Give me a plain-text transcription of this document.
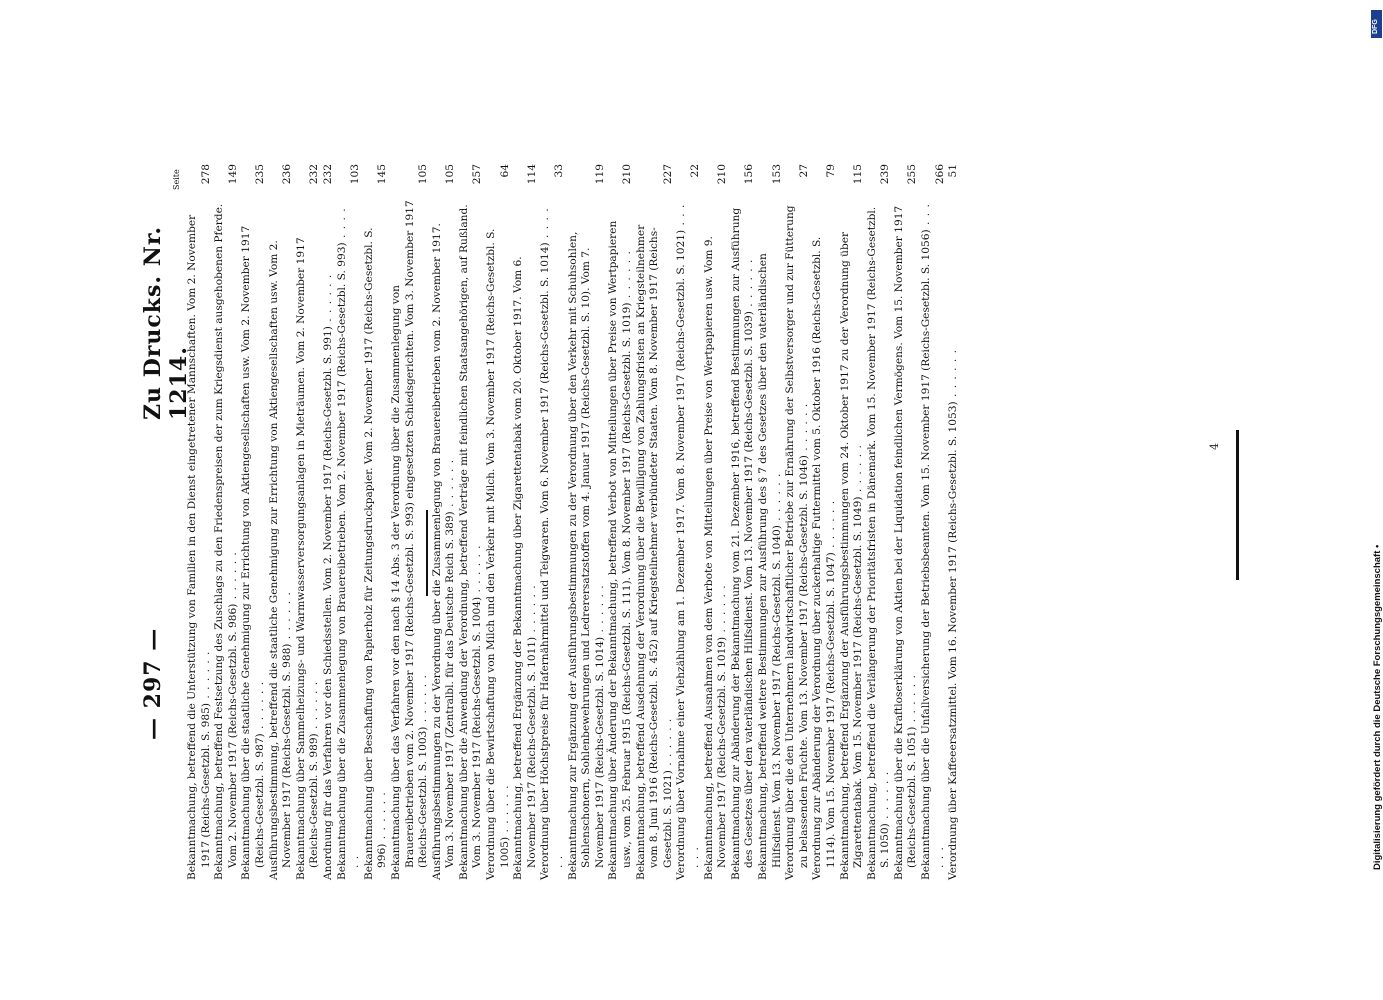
— 297 —
Zu Drucks. Nr. 1214.
Seite
Bekanntmachung, betreffend die Unterstützung von Familien in den Dienst eingetretener Mannschaften. Vom 2. November 1917 (Reichs-Gesetzbl. S. 985) . . . . . .
278
Bekanntmachung, betreffend Festsetzung des Zuschlags zu den Friedenspreisen der zum Kriegsdienst ausgehobenen Pferde. Vom 2. November 1917 (Reichs-Gesetzbl. S. 986) . . . . . .
149
Bekanntmachung über die staatliche Genehmigung zur Errichtung von Aktiengesellschaften usw. Vom 2. November 1917 (Reichs-Gesetzbl. S. 987) . . . . . .
235
Ausführungsbestimmung, betreffend die staatliche Genehmigung zur Errichtung von Aktiengesellschaften usw. Vom 2. November 1917 (Reichs-Gesetzbl. S. 988) . . . . . .
236
Bekanntmachung über Sammelheizungs- und Warmwasserversorgungsanlagen in Mieträumen. Vom 2. November 1917 (Reichs-Gesetzbl. S. 989) . . . . . .
232
Anordnung für das Verfahren vor den Schiedsstellen. Vom 2. November 1917 (Reichs-Gesetzbl. S. 991) . . . . . .
232
Bekanntmachung über die Zusammenlegung von Brauereibetrieben. Vom 2. November 1917 (Reichs-Gesetzbl. S. 993) . . . . . .
103
Bekanntmachung über Beschaffung von Papierholz für Zeitungsdruckpapier. Vom 2. November 1917 (Reichs-Gesetzbl. S. 996) . . . . . .
145
Bekanntmachung über das Verfahren vor den nach § 14 Abs. 3 der Verordnung über die Zusammenlegung von Brauereibetrieben vom 2. November 1917 (Reichs-Gesetzbl. S. 993) eingesetzten Schiedsgerichten. Vom 3. November 1917 (Reichs-Gesetzbl. S. 1003) . . . . . .
105
Ausführungsbestimmungen zu der Verordnung über die Zusammenlegung von Brauereibetrieben vom 2. November 1917. Vom 3. November 1917 (Zentralbl. für das Deutsche Reich S. 389) . . . . . .
105
Bekanntmachung über die Anwendung der Verordnung, betreffend Verträge mit feindlichen Staatsangehörigen, auf Rußland. Vom 3. November 1917 (Reichs-Gesetzbl. S. 1004) . . . . . .
257
Verordnung über die Bewirtschaftung von Milch und den Verkehr mit Milch. Vom 3. November 1917 (Reichs-Gesetzbl. S. 1005) . . . . . .
64
Bekanntmachung, betreffend Ergänzung der Bekanntmachung über Zigarettentabak vom 20. Oktober 1917. Vom 6. November 1917 (Reichs-Gesetzbl. S. 1011) . . . . . .
114
Verordnung über Höchstpreise für Hafernährmittel und Teigwaren. Vom 6. November 1917 (Reichs-Gesetzbl. S. 1014) . . . . . .
33
Bekanntmachung zur Ergänzung der Ausführungsbestimmungen zu der Verordnung über den Verkehr mit Schuhsohlen, Sohlenschonern, Sohlenbewehrungen und Ledrerersatzstoffen vom 4. Januar 1917 (Reichs-Gesetzbl. S. 10). Vom 7. November 1917 (Reichs-Gesetzbl. S. 1014) . . . . . .
119
Bekanntmachung über Änderung der Bekanntmachung, betreffend Verbot von Mitteilungen über Preise von Wertpapieren usw., vom 25. Februar 1915 (Reichs-Gesetzbl. S. 111). Vom 8. November 1917 (Reichs-Gesetzbl. S. 1019) . . . . . .
210
Bekanntmachung, betreffend Ausdehnung der Verordnung über die Bewilligung von Zahlungsfristen an Kriegsteilnehmer vom 8. Juni 1916 (Reichs-Gesetzbl. S. 452) auf Kriegsteilnehmer verbündeter Staaten. Vom 8. November 1917 (Reichs-Gesetzbl. S. 1021) . . . . . .
227
Verordnung über Vornahme einer Viehzählung am 1. Dezember 1917. Vom 8. November 1917 (Reichs-Gesetzbl. S. 1021) . . . . . .
22
Bekanntmachung, betreffend Ausnahmen von dem Verbote von Mitteilungen über Preise von Wertpapieren usw. Vom 9. November 1917 (Reichs-Gesetzbl. S. 1019) . . . . . .
210
Bekanntmachung zur Abänderung der Bekanntmachung vom 21. Dezember 1916, betreffend Bestimmungen zur Ausführung des Gesetzes über den vaterländischen Hilfsdienst. Vom 13. November 1917 (Reichs-Gesetzbl. S. 1039) . . . . . .
156
Bekanntmachung, betreffend weitere Bestimmungen zur Ausführung des § 7 des Gesetzes über den vaterländischen Hilfsdienst. Vom 13. November 1917 (Reichs-Gesetzbl. S. 1040) . . . . . .
153
Verordnung über die den Unternehmern landwirtschaftlicher Betriebe zur Ernährung der Selbstversorger und zur Fütterung zu belassenden Früchte. Vom 13. November 1917 (Reichs-Gesetzbl. S. 1046) . . . . . .
27
Verordnung zur Abänderung der Verordnung über zuckerhaltige Futtermittel vom 5. Oktober 1916 (Reichs-Gesetzbl. S. 1114). Vom 15. November 1917 (Reichs-Gesetzbl. S. 1047) . . . . . .
79
Bekanntmachung, betreffend Ergänzung der Ausführungsbestimmungen vom 24. Oktober 1917 zu der Verordnung über Zigarettentabak. Vom 15. November 1917 (Reichs-Gesetzbl. S. 1049) . . . . . .
115
Bekanntmachung, betreffend die Verlängerung der Prioritätsfristen in Dänemark. Vom 15. November 1917 (Reichs-Gesetzbl. S. 1050) . . . . . .
239
Bekanntmachung über die Kraftloserklärung von Aktien bei der Liquidation feindlichen Vermögens. Vom 15. November 1917 (Reichs-Gesetzbl. S. 1051) . . . . . .
255
Bekanntmachung über die Unfallversicherung der Betriebsbeamten. Vom 15. November 1917 (Reichs-Gesetzbl. S. 1056) . . . . . .
266
Verordnung über Kaffeeersatzmittel. Vom 16. November 1917 (Reichs-Gesetzbl. S. 1053) . . . . . .
51
4
Digitalisierung gefördert durch die Deutsche Forschungsgemeinschaft •
DFG
